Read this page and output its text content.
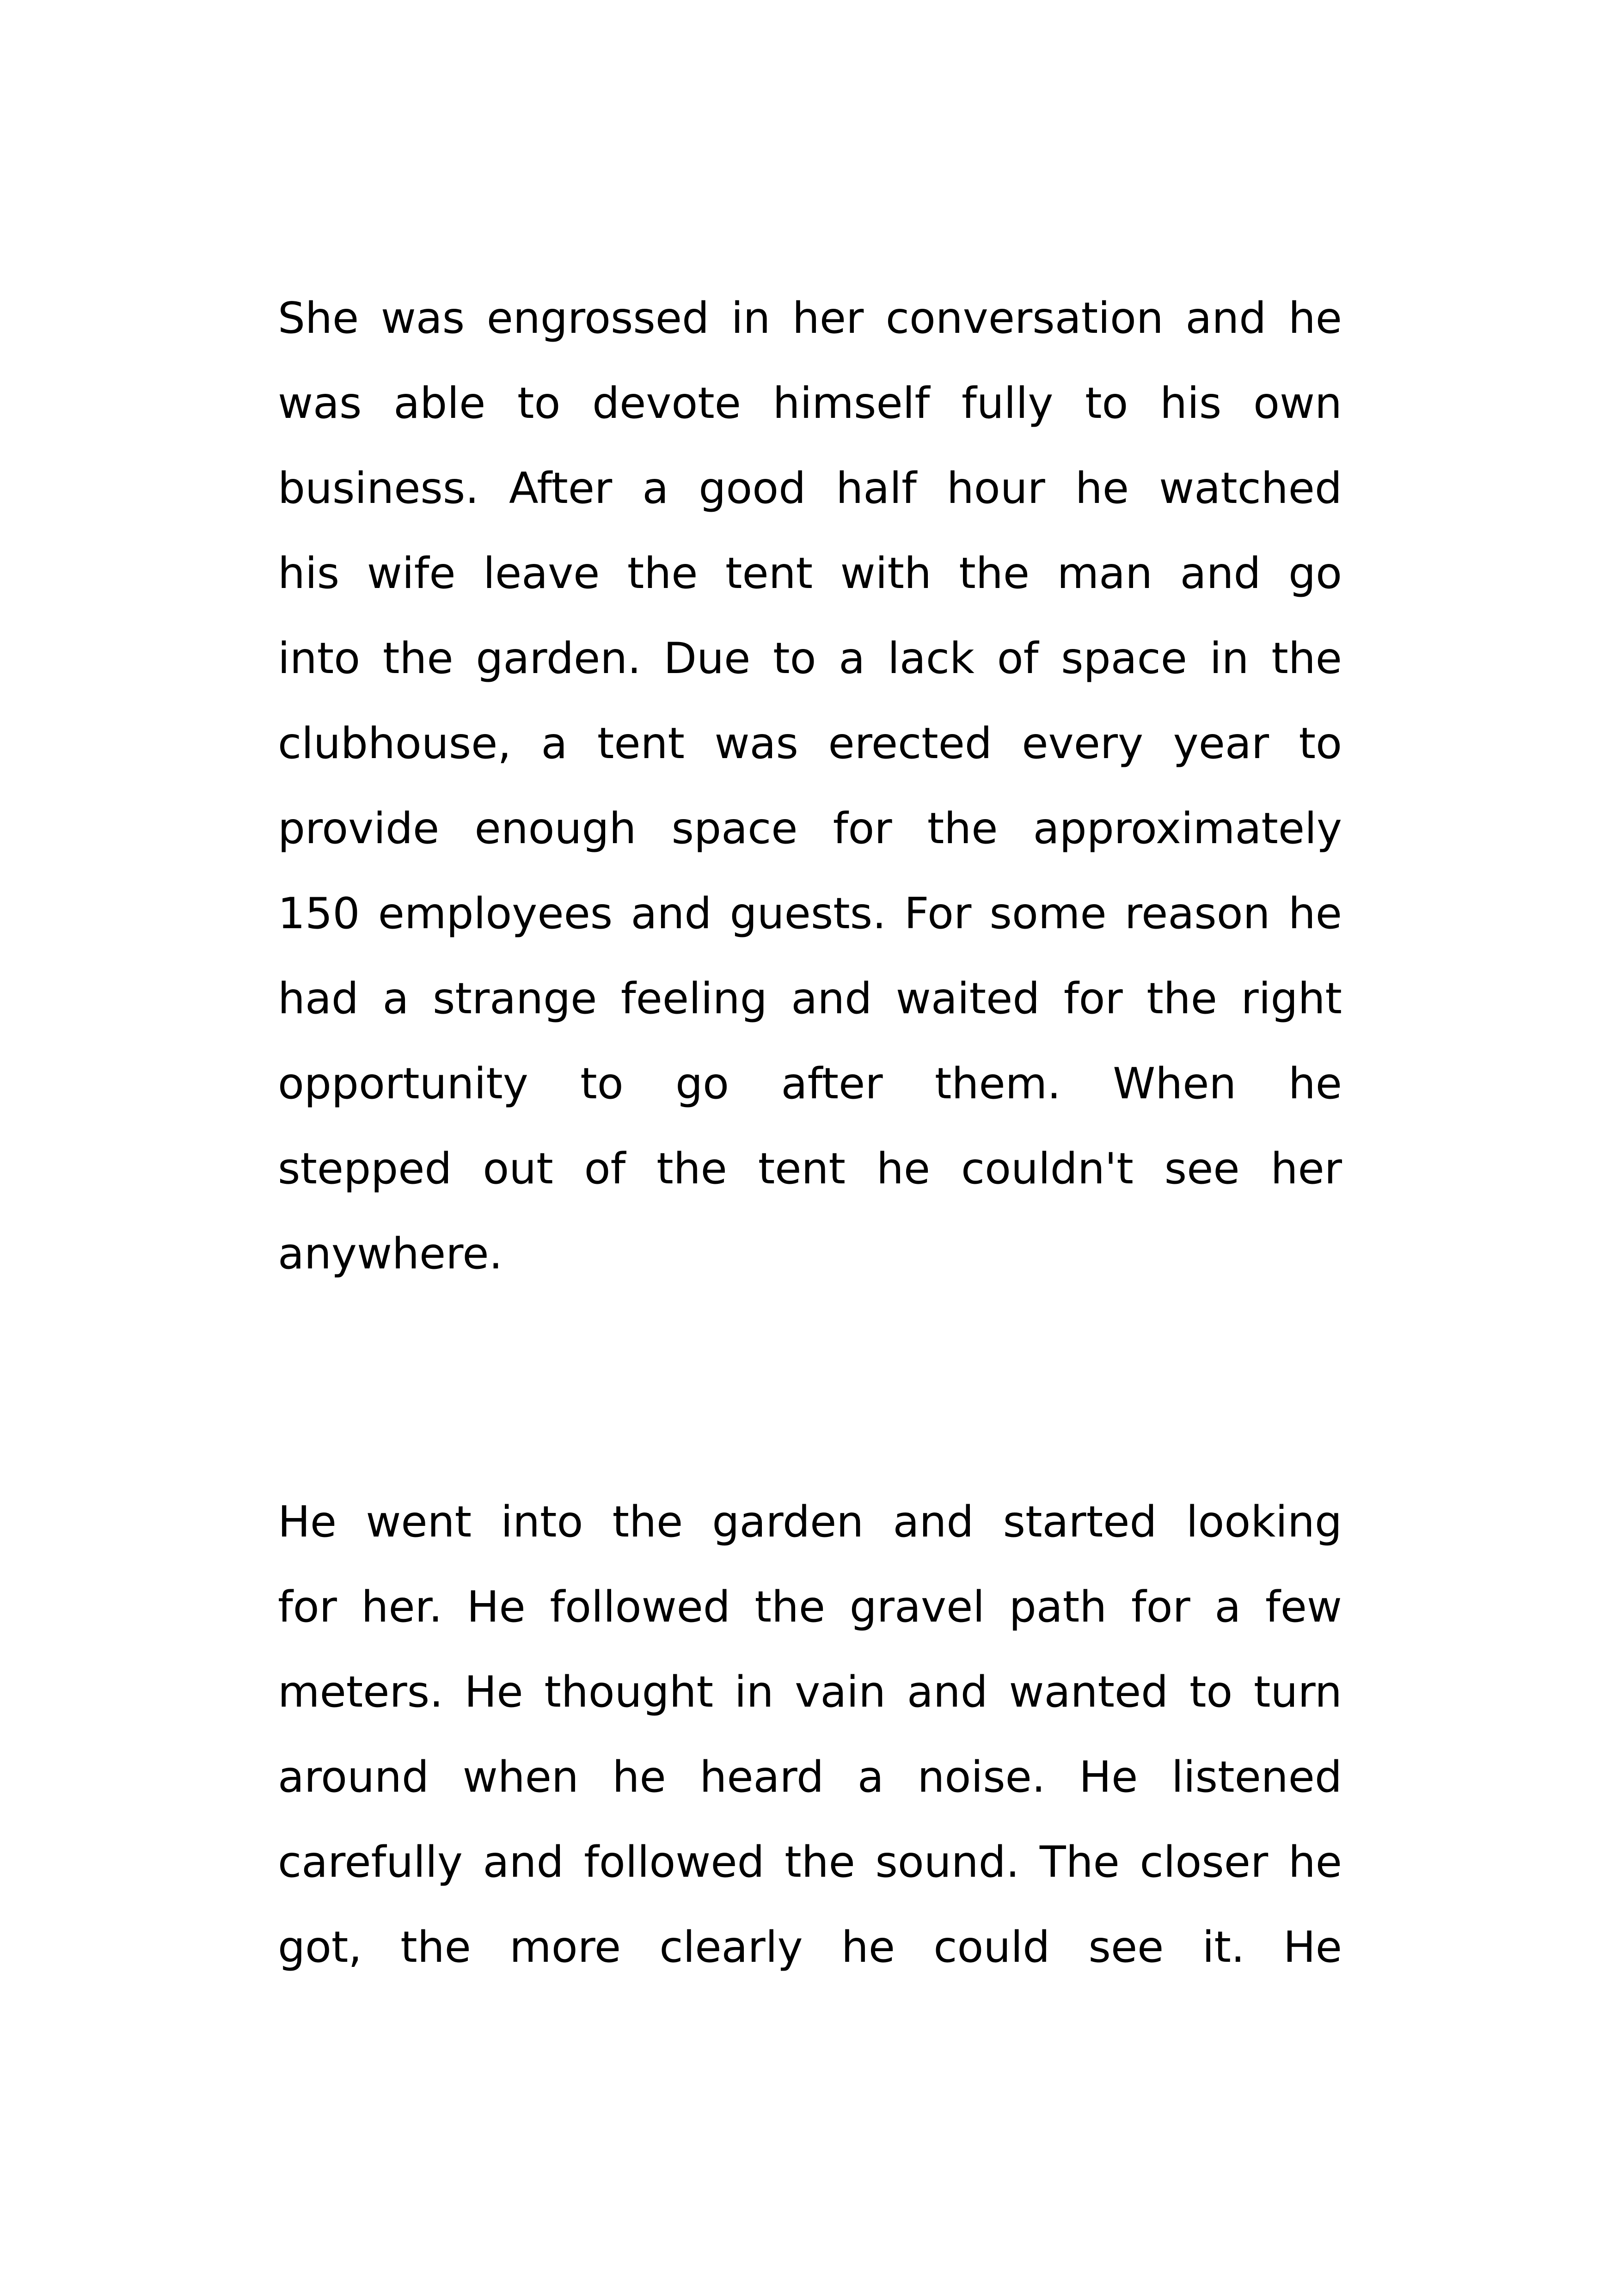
She was engrossed in her conversation and he
was able to devote himself fully to his own
business. After a good half hour he watched
his wife leave the tent with the man and go
into the garden. Due to a lack of space in the
clubhouse, a tent was erected every year to
provide enough space for the approximately
150 employees and guests. For some reason he
had a strange feeling and waited for the right
opportunity to go after them. When he
stepped out of the tent he couldn't see her
anywhere.
He went into the garden and started looking
for her. He followed the gravel path for a few
meters. He thought in vain and wanted to turn
around when he heard a noise. He listened
carefully and followed the sound. The closer he
got, the more clearly he could see it. He
